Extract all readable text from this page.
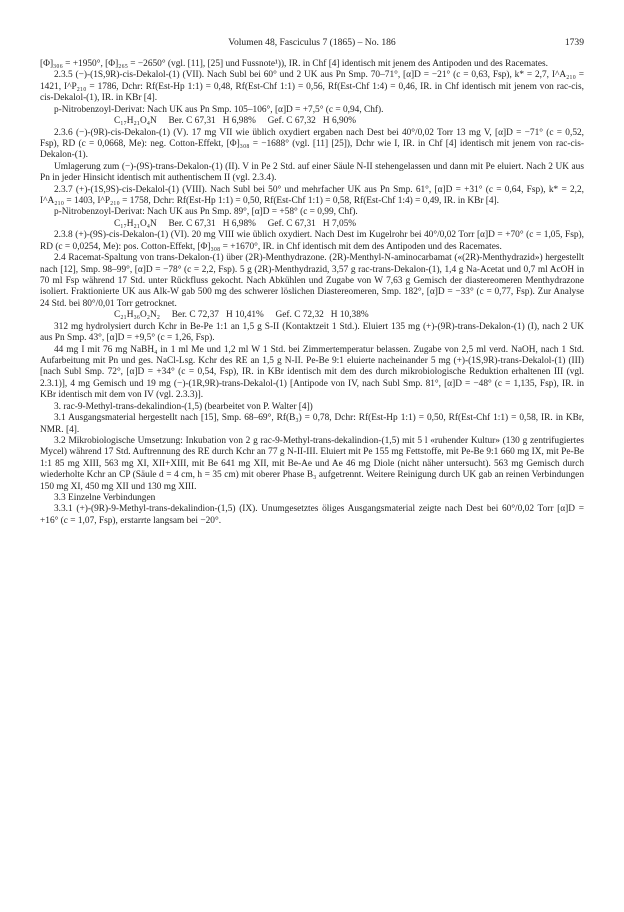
Volumen 48, Fasciculus 7 (1865) – No. 186	1739
[Φ]₃₀₆ = +1950°, [Φ]₂₆₅ = −2650° (vgl. [11], [25] und Fussnote¹)), IR. in Chf [4] identisch mit jenem des Antipoden und des Racemates.
2.3.5 (−)-(1S,9R)-cis-Dekalol-(1) (VII). Nach Subl bei 60° und 2 UK aus Pn Smp. 70–71°, [α]D = −21° (c = 0,63, Fsp), k* = 2,7, I^A₂₁₀ = 1421, I^P₂₁₀ = 1786, Dchr: Rf(Est-Hp 1:1) = 0,48, Rf(Est-Chf 1:1) = 0,56, Rf(Est-Chf 1:4) = 0,46, IR. in Chf identisch mit jenem von rac-cis, cis-Dekalol-(1), IR. in KBr [4].
p-Nitrobenzoyl-Derivat: Nach UK aus Pn Smp. 105–106°, [α]D = +7,5° (c = 0,94, Chf).
C₁₇H₂₁O₄N     Ber. C 67,31   H 6,98%     Gef. C 67,32   H 6,90%
2.3.6 (−)-(9R)-cis-Dekalon-(1) (V). 17 mg VII wie üblich oxydiert ergaben nach Dest bei 40°/0,02 Torr 13 mg V, [α]D = −71° (c = 0,52, Fsp), RD (c = 0,0668, Me): neg. Cotton-Effekt, [Φ]₃₀₈ = −1688° (vgl. [11] [25]), Dchr wie I, IR. in Chf [4] identisch mit jenem von rac-cis-Dekalon-(1).
Umlagerung zum (−)-(9S)-trans-Dekalon-(1) (II). V in Pe 2 Std. auf einer Säule N-II stehengelassen und dann mit Pe eluiert. Nach 2 UK aus Pn in jeder Hinsicht identisch mit authentischem II (vgl. 2.3.4).
2.3.7 (+)-(1S,9S)-cis-Dekalol-(1) (VIII). Nach Subl bei 50° und mehrfacher UK aus Pn Smp. 61°, [α]D = +31° (c = 0,64, Fsp), k* = 2,2, I^A₂₁₀ = 1403, I^P₂₁₀ = 1758, Dchr: Rf(Est-Hp 1:1) = 0,50, Rf(Est-Chf 1:1) = 0,58, Rf(Est-Chf 1:4) = 0,49, IR. in KBr [4].
p-Nitrobenzoyl-Derivat: Nach UK aus Pn Smp. 89°, [α]D = +58° (c = 0,99, Chf).
C₁₇H₂₁O₄N     Ber. C 67,31   H 6,98%     Gef. C 67,31   H 7,05%
2.3.8 (+)-(9S)-cis-Dekalon-(1) (VI). 20 mg VIII wie üblich oxydiert. Nach Dest im Kugelrohr bei 40°/0,02 Torr [α]D = +70° (c = 1,05, Fsp), RD (c = 0,0254, Me): pos. Cotton-Effekt, [Φ]₃₀₈ = +1670°, IR. in Chf identisch mit dem des Antipoden und des Racemates.
2.4 Racemat-Spaltung von trans-Dekalon-(1) über (2R)-Menthydrazone. (2R)-Menthyl-N-aminocarbamat («(2R)-Menthydrazid») hergestellt nach [12], Smp. 98–99°, [α]D = −78° (c = 2,2, Fsp). 5 g (2R)-Menthydrazid, 3,57 g rac-trans-Dekalon-(1), 1,4 g Na-Acetat und 0,7 ml AcOH in 70 ml Fsp während 17 Std. unter Rückfluss gekocht. Nach Abkühlen und Zugabe von W 7,63 g Gemisch der diastereomeren Menthydrazone isoliert. Fraktionierte UK aus Alk-W gab 500 mg des schwerer löslichen Diastereomeren, Smp. 182°, [α]D = −33° (c = 0,77, Fsp). Zur Analyse 24 Std. bei 80°/0,01 Torr getrocknet.
C₂₁H₃₆O₂N₂     Ber. C 72,37   H 10,41%     Gef. C 72,32   H 10,38%
312 mg hydrolysiert durch Kchr in Be-Pe 1:1 an 1,5 g S-II (Kontaktzeit 1 Std.). Eluiert 135 mg (+)-(9R)-trans-Dekalon-(1) (I), nach 2 UK aus Pn Smp. 43°, [α]D = +9,5° (c = 1,26, Fsp).
44 mg I mit 76 mg NaBH₄ in 1 ml Me und 1,2 ml W 1 Std. bei Zimmertemperatur belassen. Zugabe von 2,5 ml verd. NaOH, nach 1 Std. Aufarbeitung mit Pn und ges. NaCl-Lsg. Kchr des RE an 1,5 g N-II. Pe-Be 9:1 eluierte nacheinander 5 mg (+)-(1S,9R)-trans-Dekalol-(1) (III) [nach Subl Smp. 72°, [α]D = +34° (c = 0,54, Fsp), IR. in KBr identisch mit dem des durch mikrobiologische Reduktion erhaltenen III (vgl. 2.3.1)], 4 mg Gemisch und 19 mg (−)-(1R,9R)-trans-Dekalol-(1) [Antipode von IV, nach Subl Smp. 81°, [α]D = −48° (c = 1,135, Fsp), IR. in KBr identisch mit dem von IV (vgl. 2.3.3)].
3. rac-9-Methyl-trans-dekalindion-(1,5) (bearbeitet von P. Walter [4])
3.1 Ausgangsmaterial hergestellt nach [15], Smp. 68–69°, Rf(B₃) = 0,78, Dchr: Rf(Est-Hp 1:1) = 0,50, Rf(Est-Chf 1:1) = 0,58, IR. in KBr, NMR. [4].
3.2 Mikrobiologische Umsetzung: Inkubation von 2 g rac-9-Methyl-trans-dekalindion-(1,5) mit 5 l «ruhender Kultur» (130 g zentrifugiertes Mycel) während 17 Std. Auftrennung des RE durch Kchr an 77 g N-II-III. Eluiert mit Pe 155 mg Fettstoffe, mit Pe-Be 9:1 660 mg IX, mit Pe-Be 1:1 85 mg XIII, 563 mg XI, XII+XIII, mit Be 641 mg XII, mit Be-Ae und Ae 46 mg Diole (nicht näher untersucht). 563 mg Gemisch durch wiederholte Kchr an CP (Säule d = 4 cm, h = 35 cm) mit oberer Phase B₃ aufgetrennt. Weitere Reinigung durch UK gab an reinen Verbindungen 150 mg XI, 450 mg XII und 130 mg XIII.
3.3 Einzelne Verbindungen
3.3.1 (+)-(9R)-9-Methyl-trans-dekalindion-(1,5) (IX). Unumgesetztes öliges Ausgangsmaterial zeigte nach Dest bei 60°/0,02 Torr [α]D = +16° (c = 1,07, Fsp), erstarrte langsam bei −20°.
